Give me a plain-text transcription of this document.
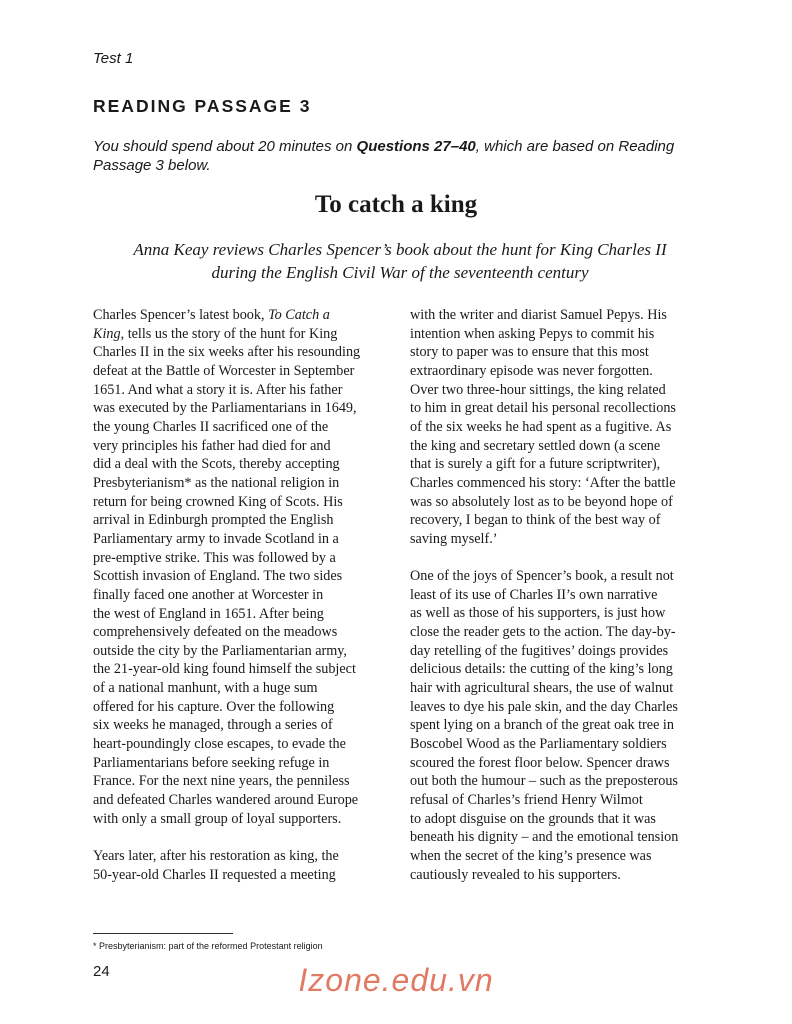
Test 1
READING PASSAGE 3
You should spend about 20 minutes on Questions 27–40, which are based on Reading Passage 3 below.
To catch a king
Anna Keay reviews Charles Spencer’s book about the hunt for King Charles II
during the English Civil War of the seventeenth century

Charles Spencer’s latest book, To Catch a
King, tells us the story of the hunt for King
Charles II in the six weeks after his resounding
defeat at the Battle of Worcester in September
1651. And what a story it is. After his father
was executed by the Parliamentarians in 1649,
the young Charles II sacrificed one of the
very principles his father had died for and
did a deal with the Scots, thereby accepting
Presbyterianism* as the national religion in
return for being crowned King of Scots. His
arrival in Edinburgh prompted the English
Parliamentary army to invade Scotland in a
pre-emptive strike. This was followed by a
Scottish invasion of England. The two sides
finally faced one another at Worcester in
the west of England in 1651. After being
comprehensively defeated on the meadows
outside the city by the Parliamentarian army,
the 21-year-old king found himself the subject
of a national manhunt, with a huge sum
offered for his capture. Over the following
six weeks he managed, through a series of
heart-poundingly close escapes, to evade the
Parliamentarians before seeking refuge in
France. For the next nine years, the penniless
and defeated Charles wandered around Europe
with only a small group of loyal supporters.

Years later, after his restoration as king, the
50-year-old Charles II requested a meeting

with the writer and diarist Samuel Pepys. His
intention when asking Pepys to commit his
story to paper was to ensure that this most
extraordinary episode was never forgotten.
Over two three-hour sittings, the king related
to him in great detail his personal recollections
of the six weeks he had spent as a fugitive. As
the king and secretary settled down (a scene
that is surely a gift for a future scriptwriter),
Charles commenced his story: ‘After the battle
was so absolutely lost as to be beyond hope of
recovery, I began to think of the best way of
saving myself.’

One of the joys of Spencer’s book, a result not
least of its use of Charles II’s own narrative
as well as those of his supporters, is just how
close the reader gets to the action. The day-by-
day retelling of the fugitives’ doings provides
delicious details: the cutting of the king’s long
hair with agricultural shears, the use of walnut
leaves to dye his pale skin, and the day Charles
spent lying on a branch of the great oak tree in
Boscobel Wood as the Parliamentary soldiers
scoured the forest floor below. Spencer draws
out both the humour – such as the preposterous
refusal of Charles’s friend Henry Wilmot
to adopt disguise on the grounds that it was
beneath his dignity – and the emotional tension
when the secret of the king’s presence was
cautiously revealed to his supporters.

* Presbyterianism: part of the reformed Protestant religion
24	Izone.edu.vn
